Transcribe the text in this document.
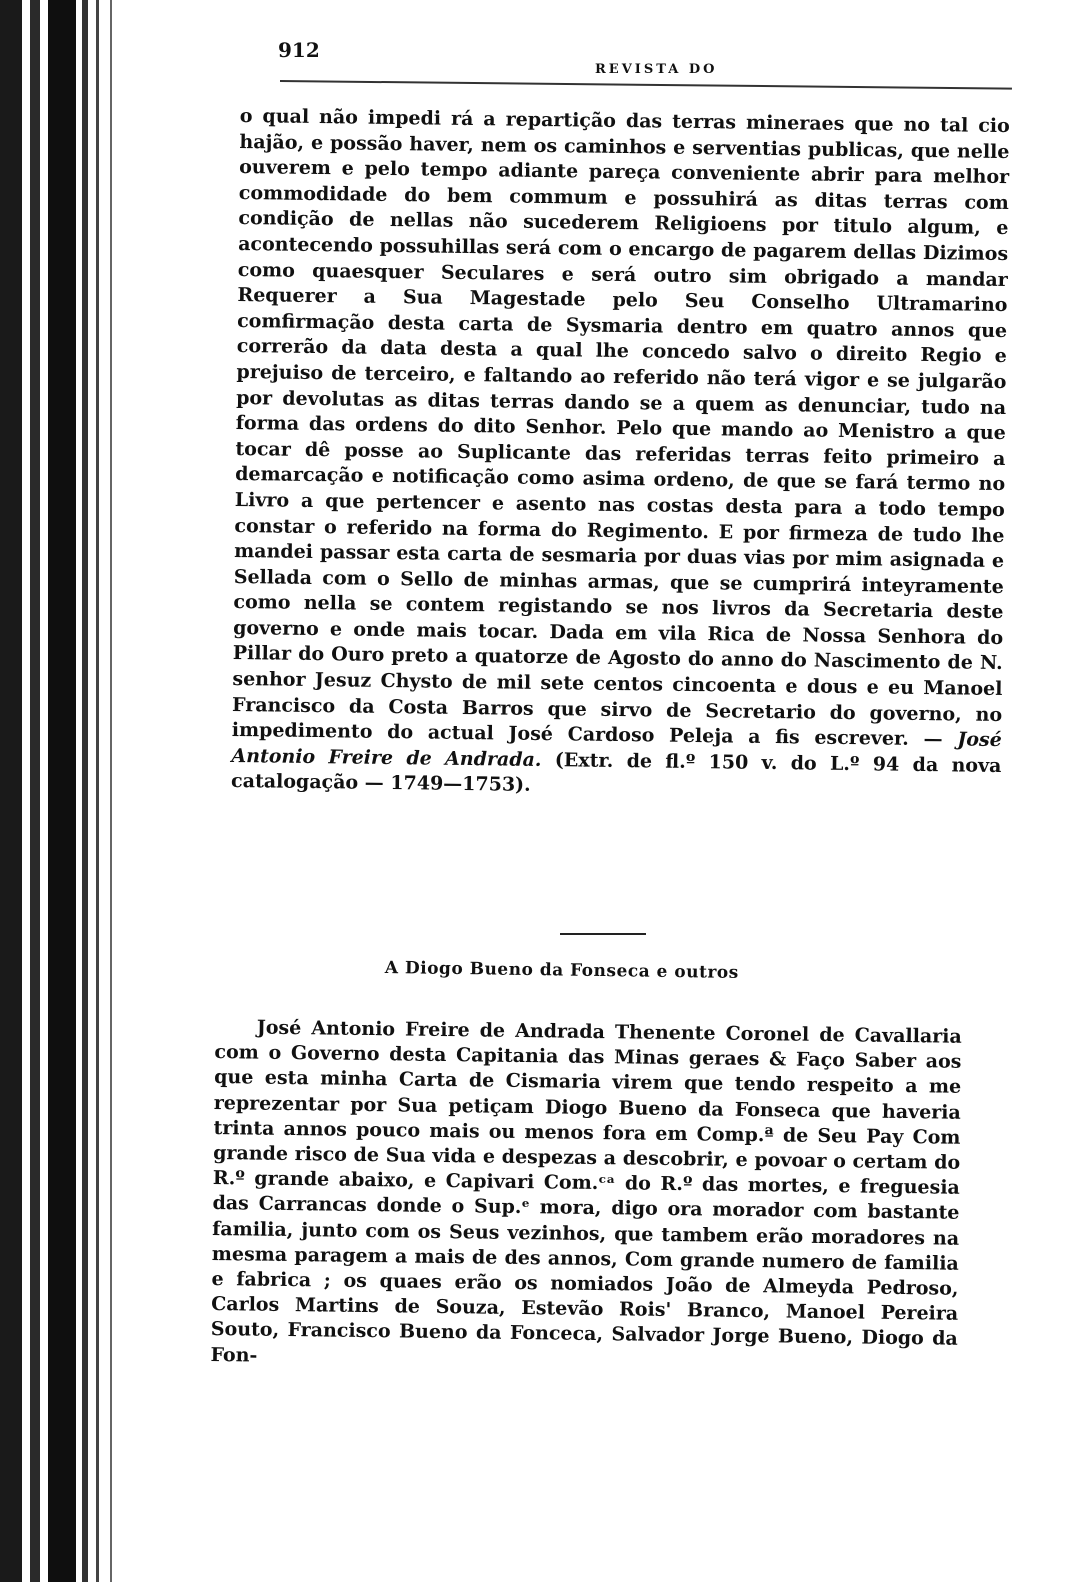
912
REVISTA DO
o qual não impedi rá a repartição das terras mineraes que no tal cio hajão, e possão haver, nem os caminhos e serventias publicas, que nelle ouverem e pelo tempo adiante pareça conveniente abrir para melhor commodidade do bem commum e possuhirá as ditas terras com condição de nellas não sucederem Religioens por titulo algum, e acontecendo possuhillas será com o encargo de pagarem dellas Dizimos como quaesquer Seculares e será outro sim obrigado a mandar Requerer a Sua Magestade pelo Seu Conselho Ultramarino comfirmação desta carta de Sysmaria dentro em quatro annos que correrão da data desta a qual lhe concedo salvo o direito Regio e prejuiso de terceiro, e faltando ao referido não terá vigor e se julgarão por devolutas as ditas terras dando se a quem as denunciar, tudo na forma das ordens do dito Senhor. Pelo que mando ao Menistro a que tocar dê posse ao Suplicante das referidas terras feito primeiro a demarcação e notificação como asima ordeno, de que se fará termo no Livro a que pertencer e asento nas costas desta para a todo tempo constar o referido na forma do Regimento. E por firmeza de tudo lhe mandei passar esta carta de sesmaria por duas vias por mim asignada e Sellada com o Sello de minhas armas, que se cumprirá inteyramente como nella se contem registando se nos livros da Secretaria deste governo e onde mais tocar. Dada em vila Rica de Nossa Senhora do Pillar do Ouro preto a quatorze de Agosto do anno do Nascimento de N. senhor Jesuz Chysto de mil sete centos cincoenta e dous e eu Manoel Francisco da Costa Barros que sirvo de Secretario do governo, no impedimento do actual José Cardoso Peleja a fis escrever. — José Antonio Freire de Andrada. (Extr. de fl.º 150 v. do L.º 94 da nova catalogação — 1749—1753).
A Diogo Bueno da Fonseca e outros
José Antonio Freire de Andrada Thenente Coronel de Cavallaria com o Governo desta Capitania das Minas geraes & Faço Saber aos que esta minha Carta de Cismaria virem que tendo respeito a me reprezentar por Sua petiçam Diogo Bueno da Fonseca que haveria trinta annos pouco mais ou menos fora em Comp.ª de Seu Pay Com grande risco de Sua vida e despezas a descobrir, e povoar o certam do R.º grande abaixo, e Capivari Com.ᶜᵃ do R.º das mortes, e freguesia das Carrancas donde o Sup.ᵉ mora, digo ora morador com bastante familia, junto com os Seus vezinhos, que tambem erão moradores na mesma paragem a mais de des annos, Com grande numero de familia e fabrica ; os quaes erão os nomiados João de Almeyda Pedroso, Carlos Martins de Souza, Estevão Rois' Branco, Manoel Pereira Souto, Francisco Bueno da Fonceca, Salvador Jorge Bueno, Diogo da Fon-
